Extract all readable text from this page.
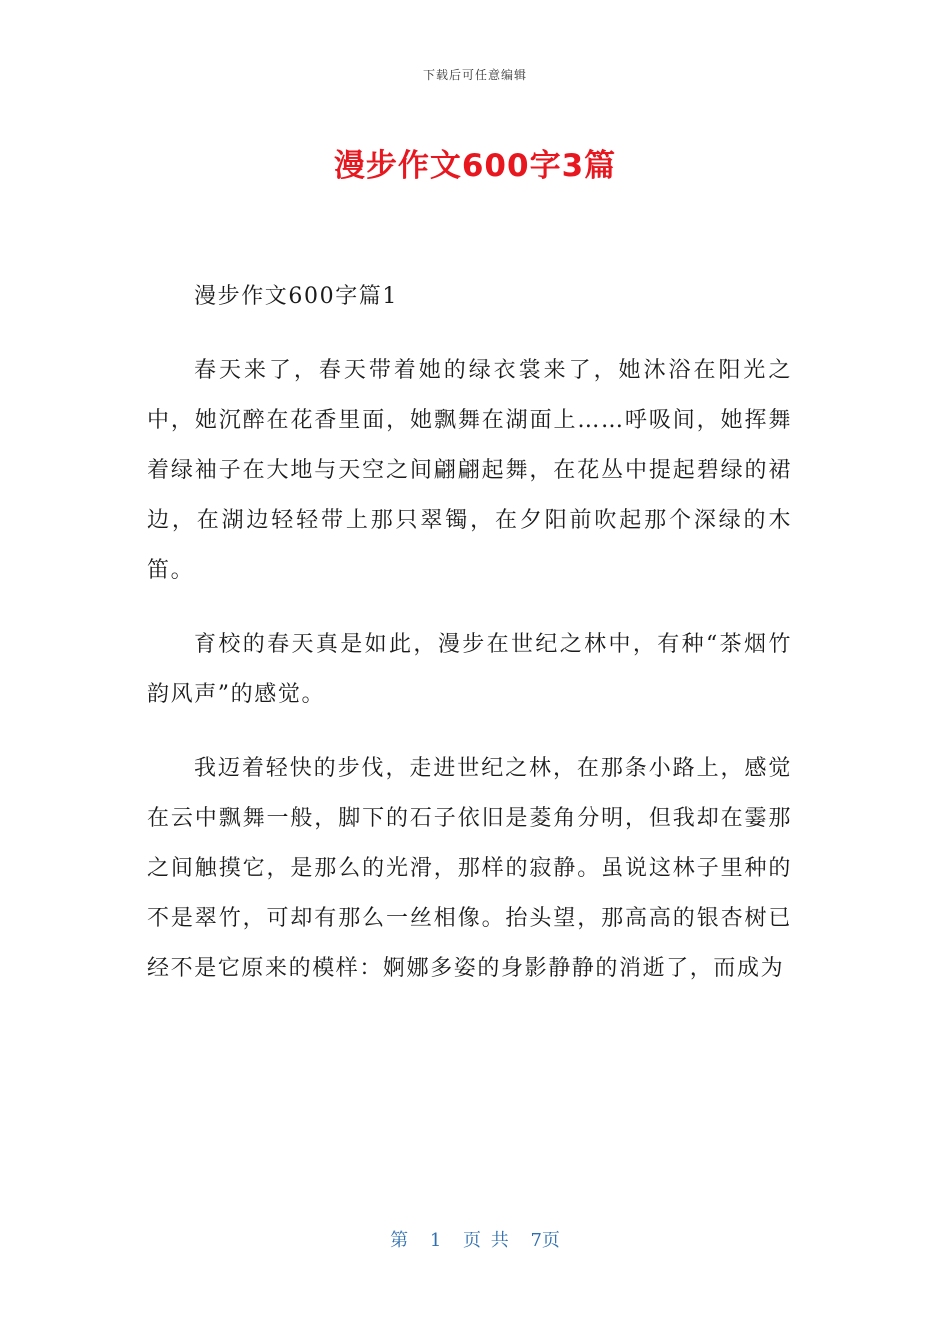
下载后可任意编辑
漫步作文600字3篇

漫步作文600字篇1

春天来了，春天带着她的绿衣裳来了，她沐浴在阳光之中，她沉醉在花香里面，她飘舞在湖面上……呼吸间，她挥舞着绿袖子在大地与天空之间翩翩起舞，在花丛中提起碧绿的裙边，在湖边轻轻带上那只翠镯，在夕阳前吹起那个深绿的木笛。

育校的春天真是如此，漫步在世纪之林中，有种“茶烟竹韵风声”的感觉。

我迈着轻快的步伐，走进世纪之林，在那条小路上，感觉在云中飘舞一般，脚下的石子依旧是菱角分明，但我却在霎那之间触摸它，是那么的光滑，那样的寂静。虽说这林子里种的不是翠竹，可却有那么一丝相像。抬头望，那高高的银杏树已经不是它原来的模样：婀娜多姿的身影静静的消逝了，而成为

第 1 页 共 7页
